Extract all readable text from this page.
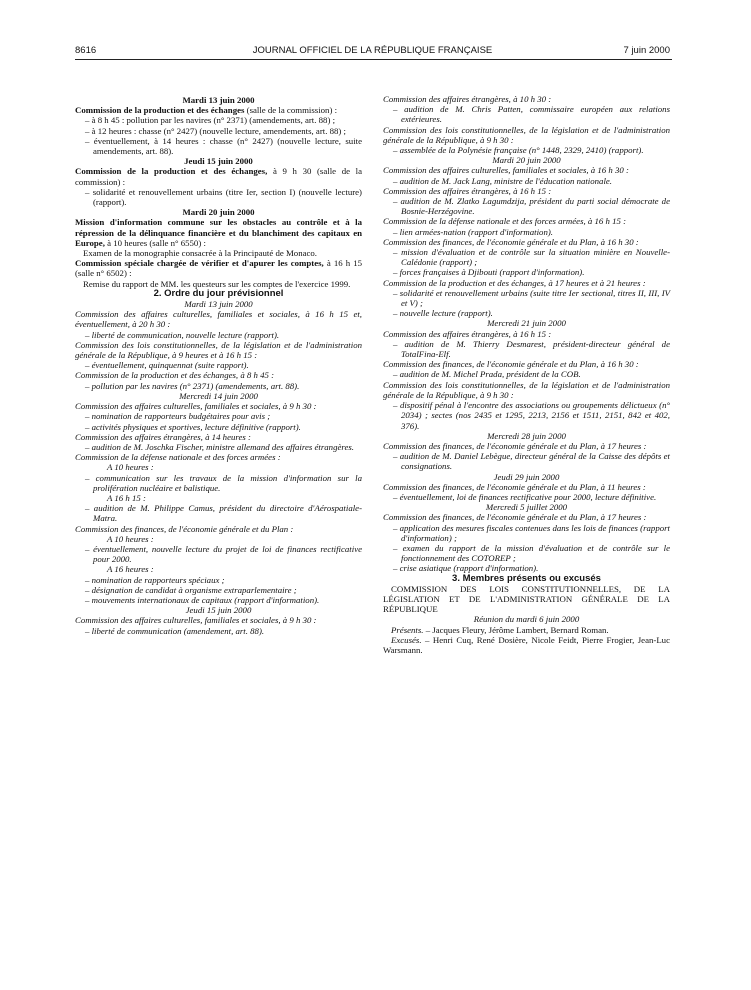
8616	JOURNAL OFFICIEL DE LA RÉPUBLIQUE FRANÇAISE	7 juin 2000

Mardi 13 juin 2000

Commission de la production et des échanges (salle de la commission) :

– à 8 h 45 : pollution par les navires (n° 2371) (amendements, art. 88) ;

– à 12 heures : chasse (n° 2427) (nouvelle lecture, amendements, art. 88) ;

– éventuellement, à 14 heures : chasse (n° 2427) (nouvelle lecture, suite amendements, art. 88).

Jeudi 15 juin 2000

Commission de la production et des échanges, à 9 h 30 (salle de la commission) :

– solidarité et renouvellement urbains (titre Ier, section I) (nouvelle lecture) (rapport).

Mardi 20 juin 2000

Mission d'information commune sur les obstacles au contrôle et à la répression de la délinquance financière et du blanchiment des capitaux en Europe, à 10 heures (salle n° 6550) :

Examen de la monographie consacrée à la Principauté de Monaco.

Commission spéciale chargée de vérifier et d'apurer les comptes, à 16 h 15 (salle n° 6502) :

Remise du rapport de MM. les questeurs sur les comptes de l'exercice 1999.

2. Ordre du jour prévisionnel

Mardi 13 juin 2000

Commission des affaires culturelles, familiales et sociales, à 16 h 15 et, éventuellement, à 20 h 30 :

– liberté de communication, nouvelle lecture (rapport).

Commission des lois constitutionnelles, de la législation et de l'administration générale de la République, à 9 heures et à 16 h 15 :

– éventuellement, quinquennat (suite rapport).

Commission de la production et des échanges, à 8 h 45 :

– pollution par les navires (n° 2371) (amendements, art. 88).

Mercredi 14 juin 2000

Commission des affaires culturelles, familiales et sociales, à 9 h 30 :

– nomination de rapporteurs budgétaires pour avis ;

– activités physiques et sportives, lecture définitive (rapport).

Commission des affaires étrangères, à 14 heures :

– audition de M. Joschka Fischer, ministre allemand des affaires étrangères.

Commission de la défense nationale et des forces armées :

A 10 heures :

– communication sur les travaux de la mission d'information sur la prolifération nucléaire et balistique.

A 16 h 15 :

– audition de M. Philippe Camus, président du directoire d'Aérospatiale-Matra.

Commission des finances, de l'économie générale et du Plan :

A 10 heures :

– éventuellement, nouvelle lecture du projet de loi de finances rectificative pour 2000.

A 16 heures :

– nomination de rapporteurs spéciaux ;

– désignation de candidat à organisme extraparlementaire ;

– mouvements internationaux de capitaux (rapport d'information).

Jeudi 15 juin 2000

Commission des affaires culturelles, familiales et sociales, à 9 h 30 :

– liberté de communication (amendement, art. 88).

Commission des affaires étrangères, à 10 h 30 :

– audition de M. Chris Patten, commissaire européen aux relations extérieures.

Commission des lois constitutionnelles, de la législation et de l'administration générale de la République, à 9 h 30 :

– assemblée de la Polynésie française (n° 1448, 2329, 2410) (rapport).

Mardi 20 juin 2000

Commission des affaires culturelles, familiales et sociales, à 16 h 30 :

– audition de M. Jack Lang, ministre de l'éducation nationale.

Commission des affaires étrangères, à 16 h 15 :

– audition de M. Zlatko Lagumdzija, président du parti social démocrate de Bosnie-Herzégovine.

Commission de la défense nationale et des forces armées, à 16 h 15 :

– lien armées-nation (rapport d'information).

Commission des finances, de l'économie générale et du Plan, à 16 h 30 :

– mission d'évaluation et de contrôle sur la situation minière en Nouvelle-Calédonie (rapport) ;

– forces françaises à Djibouti (rapport d'information).

Commission de la production et des échanges, à 17 heures et à 21 heures :

– solidarité et renouvellement urbains (suite titre Ier sectional, titres II, III, IV et V) ;

– nouvelle lecture (rapport).

Mercredi 21 juin 2000

Commission des affaires étrangères, à 16 h 15 :

– audition de M. Thierry Desmarest, président-directeur général de TotalFina-Elf.

Commission des finances, de l'économie générale et du Plan, à 16 h 30 :

– audition de M. Michel Prada, président de la COB.

Commission des lois constitutionnelles, de la législation et de l'administration générale de la République, à 9 h 30 :

– dispositif pénal à l'encontre des associations ou groupements délictueux (n° 2034) ; sectes (nos 2435 et 1295, 2213, 2156 et 1511, 2151, 842 et 402, 376).

Mercredi 28 juin 2000

Commission des finances, de l'économie générale et du Plan, à 17 heures :

– audition de M. Daniel Lebègue, directeur général de la Caisse des dépôts et consignations.

Jeudi 29 juin 2000

Commission des finances, de l'économie générale et du Plan, à 11 heures :

– éventuellement, loi de finances rectificative pour 2000, lecture définitive.

Mercredi 5 juillet 2000

Commission des finances, de l'économie générale et du Plan, à 17 heures :

– application des mesures fiscales contenues dans les lois de finances (rapport d'information) ;

– examen du rapport de la mission d'évaluation et de contrôle sur le fonctionnement des COTOREP ;

– crise asiatique (rapport d'information).

3. Membres présents ou excusés

COMMISSION DES LOIS CONSTITUTIONNELLES, DE LA LÉGISLATION ET DE L'ADMINISTRATION GÉNÉRALE DE LA RÉPUBLIQUE

Réunion du mardi 6 juin 2000

Présents. – Jacques Fleury, Jérôme Lambert, Bernard Roman.

Excusés. – Henri Cuq, René Dosière, Nicole Feidt, Pierre Frogier, Jean-Luc Warsmann.
